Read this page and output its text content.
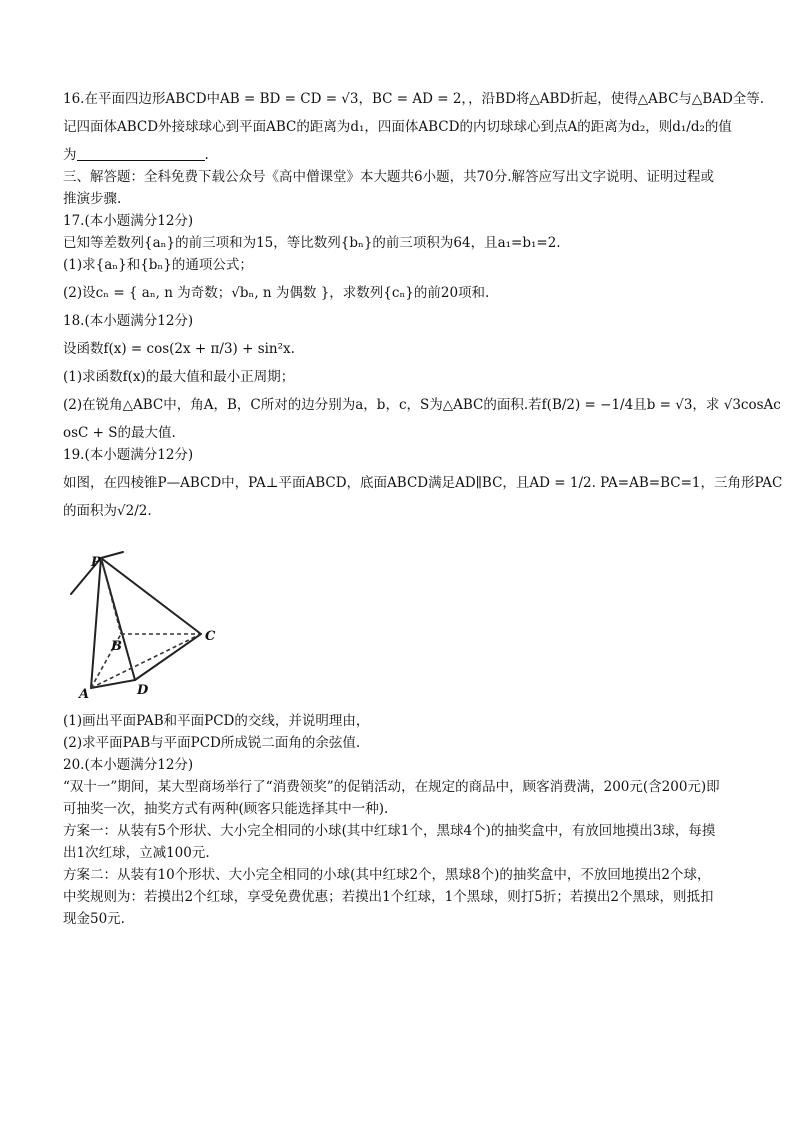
16.在平面四边形ABCD中AB = BD = CD = √3，BC = AD = 2，，沿BD将△ABD折起，使得△ABC与△BAD全等.

记四面体ABCD外接球球心到平面ABC的距离为d₁，四面体ABCD的内切球球心到点A的距离为d₂，则d₁/d₂的值

为	.

三、解答题：全科免费下载公众号《高中僧课堂》本大题共6小题，共70分.解答应写出文字说明、证明过程或

推演步骤.

17.(本小题满分12分)

已知等差数列{aₙ}的前三项和为15，等比数列{bₙ}的前三项积为64，且a₁=b₁=2.

(1)求{aₙ}和{bₙ}的通项公式；

(2)设cₙ = { aₙ, n 为奇数；√bₙ, n 为偶数 }，求数列{cₙ}的前20项和.

18.(本小题满分12分)

设函数f(x) = cos(2x + π/3) + sin²x.

(1)求函数f(x)的最大值和最小正周期；

(2)在锐角△ABC中，角A，B，C所对的边分别为a，b，c，S为△ABC的面积.若f(B/2) = −1/4且b = √3，求 √3cosAc

osC + S的最大值.

19.(本小题满分12分)

如图，在四棱锥P—ABCD中，PA⊥平面ABCD，底面ABCD满足AD∥BC，且AD = 1/2. PA=AB=BC=1，三角形PAC

的面积为√2/2.

P
A
B
C
D

(1)画出平面PAB和平面PCD的交线，并说明理由，

(2)求平面PAB与平面PCD所成锐二面角的余弦值.

20.(本小题满分12分)

“双十一”期间，某大型商场举行了“消费领奖”的促销活动，在规定的商品中，顾客消费满，200元(含200元)即

可抽奖一次，抽奖方式有两种(顾客只能选择其中一种).

方案一：从装有5个形状、大小完全相同的小球(其中红球1个，黑球4个)的抽奖盒中，有放回地摸出3球，每摸

出1次红球，立减100元.

方案二：从装有10个形状、大小完全相同的小球(其中红球2个，黑球8个)的抽奖盒中，不放回地摸出2个球，

中奖规则为：若摸出2个红球，享受免费优惠；若摸出1个红球，1个黑球，则打5折；若摸出2个黑球，则抵扣

现金50元.
